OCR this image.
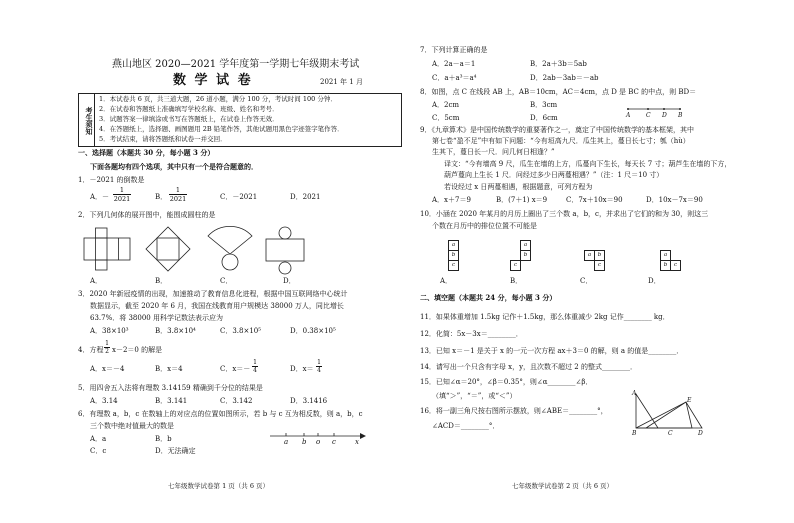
燕山地区 2020—2021 学年度第一学期七年级期末考试
数 学 试 卷	2021 年 1 月
考生须知
1．本试卷共 6 页，共三道大题，26 道小题，满分 100 分，考试时间 100 分钟．
2．在试卷和答题纸上准确填写学校名称、班级、姓名和考号．
3．试题答案一律填涂或书写在答题纸上，在试卷上作答无效．
4．在答题纸上，选择题、画图题用 2B 铅笔作答，其他试题用黑色字迹签字笔作答．
5．考试结束，请将答题纸和试卷一并交回．
一、选择题（本题共 30 分，每小题 3 分）
下面各题均有四个选项，其中只有一个是符合题意的．
1．－2021 的倒数是
A．－ $\frac{1}{2021}$	B． $\frac{1}{2021}$	C．－2021	D．2021
2．下列几何体的展开图中，能围成圆柱的是
A．	B．	C．	D．
3．2020 年新冠疫情的出现，加速推动了教育信息化进程，根据中国互联网络中心统计
数据显示，截至 2020 年 6 月，我国在线教育用户规模达 38000 万人，同比增长
63.7%．将 38000 用科学记数法表示应为
A．38×10³	B．3.8×10⁴	C．3.8×10⁵	D．0.38×10⁵
4．方程
1
2 x－2＝0 的解是
A．x＝－4	B．x＝4	C．x＝－
1
4	D．x＝
1
4
5．用四舍五入法将有理数 3.14159 精确到千分位的结果是
A．3.14	B．3.141	C．3.142	D．3.1416
6．有理数 a，b，c 在数轴上的对应点的位置如图所示，若 b 与 c 互为相反数，则 a，b，c
三个数中绝对值最大的数是
A．a	B．b
C．c	D．无法确定
a b o c	x
七年级数学试卷第 1 页（共 6 页）
7．下列计算正确的是
A．2a－a＝1	B．2a＋3b＝5ab
C．a＋a³＝a⁴	D．2ab－3ab＝－ab
8．如图，点 C 在线段 AB 上，AB＝10cm，AC＝4cm，点 D 是 BC 的中点，则 BD＝
A．2cm	B．3cm
C．5cm	D．6cm	A	C D B
9．《九章算术》是中国传统数学的重要著作之一，奠定了中国传统数学的基本框架，其中
第七卷“盈不足”中有如下问题：“今有垣高九尺．瓜生其上，蔓日长七寸；瓠（hù）
生其下，蔓日长一尺．问几何日相逢？”
译文：“今有墙高 9 尺，瓜生在墙的上方，瓜蔓向下生长，每天长 7 寸；葫芦生在墙的下方，
葫芦蔓向上生长 1 尺．问经过多少日两蔓相遇？”（注：1 尺＝10 寸）
若设经过 x 日两蔓相遇，根据题意，可列方程为
A．x＋7＝9	B．(7＋1) x＝9	C．7x＋10x＝90	D．10x－7x＝90
10．小涵在 2020 年某月的月历上圈出了三个数 a，b，c，并求出了它们的和为 30，则这三
个数在月历中的排位位置不可能是
a
b
c
a
b
c
a	b
c
a
b	c
A．	B．	C．	D．
二、填空题（本题共 24 分，每小题 3 分）
11．如果体重增加 1.5kg 记作＋1.5kg，那么体重减少 2kg 记作________ kg．
12．化简：5x－3x＝________．
13．已知 x＝－1 是关于 x 的一元一次方程 ax＋3＝0 的解，则 a 的值是________．
14．请写出一个只含有字母 x，y，且次数不超过 2 的整式________．
15．已知∠α＝20°，∠β＝0.35°，则∠α________∠β．
（填“＞”，“＝”，或“＜”）
16．将一副三角尺按右图所示摆放，则∠ABE＝________°，
∠ACD＝________°．
A
E
B	C	D
七年级数学试卷第 2 页（共 6 页）
